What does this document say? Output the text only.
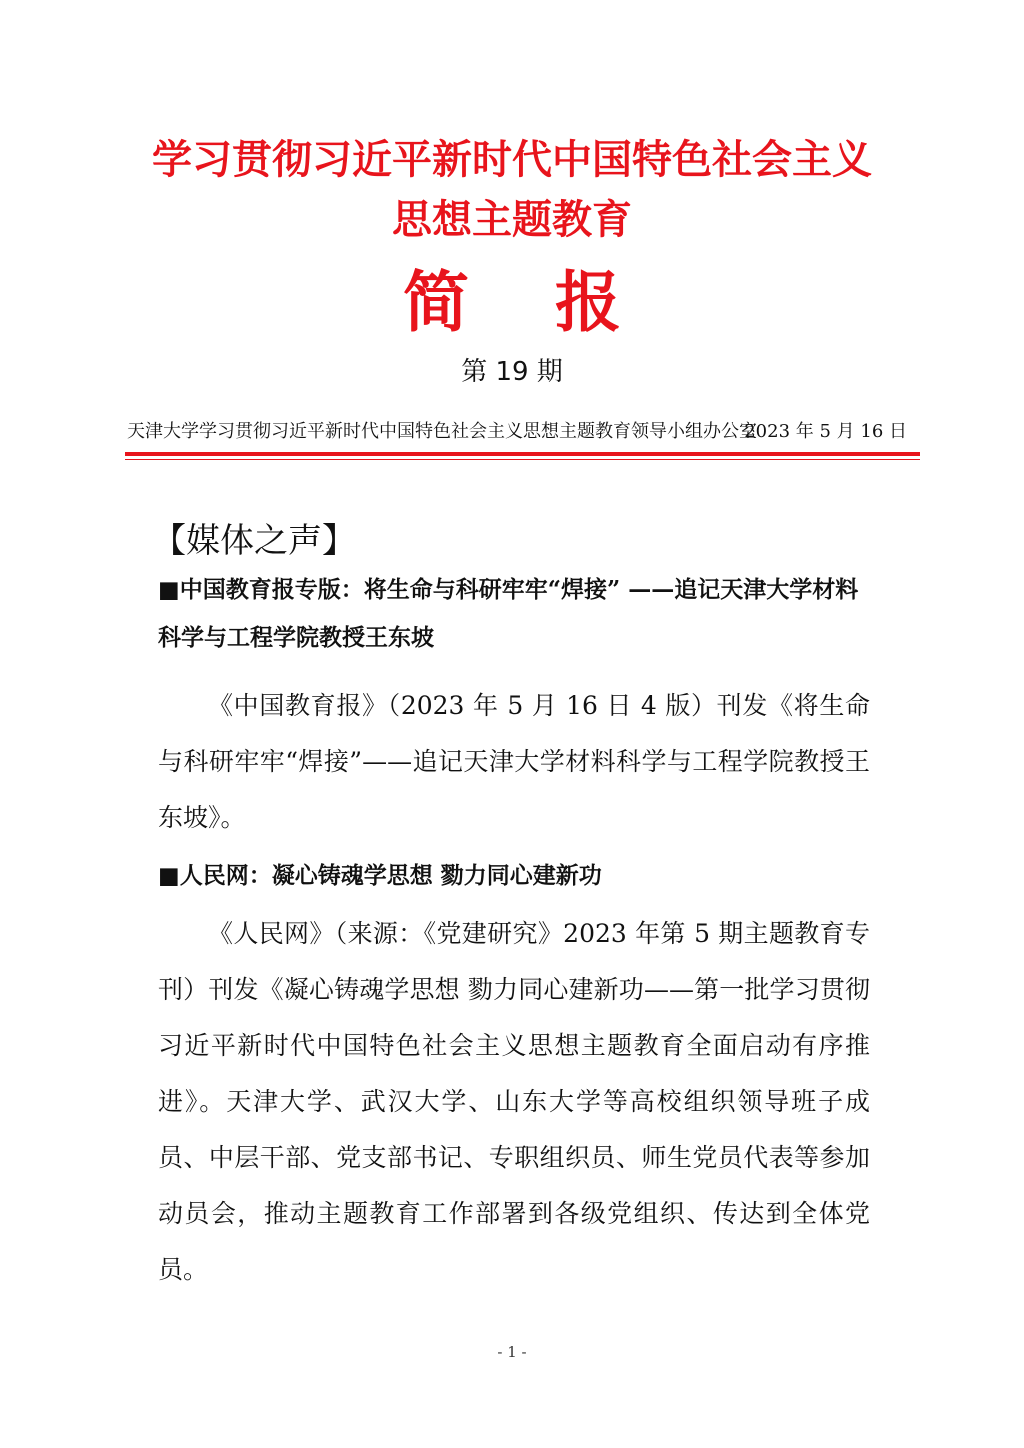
学习贯彻习近平新时代中国特色社会主义
思想主题教育
简 报
第 19 期
天津大学学习贯彻习近平新时代中国特色社会主义思想主题教育领导小组办公室
2023 年 5 月 16 日
【媒体之声】
■中国教育报专版：将生命与科研牢牢“焊接” ——追记天津大学材料科学与工程学院教授王东坡
《中国教育报》（2023 年 5 月 16 日 4 版）刊发《将生命与科研牢牢“焊接”——追记天津大学材料科学与工程学院教授王东坡》。
■人民网：凝心铸魂学思想 勠力同心建新功
《人民网》（来源：《党建研究》2023 年第 5 期主题教育专刊）刊发《凝心铸魂学思想 勠力同心建新功——第一批学习贯彻习近平新时代中国特色社会主义思想主题教育全面启动有序推进》。天津大学、武汉大学、山东大学等高校组织领导班子成员、中层干部、党支部书记、专职组织员、师生党员代表等参加动员会，推动主题教育工作部署到各级党组织、传达到全体党员。
- 1 -
